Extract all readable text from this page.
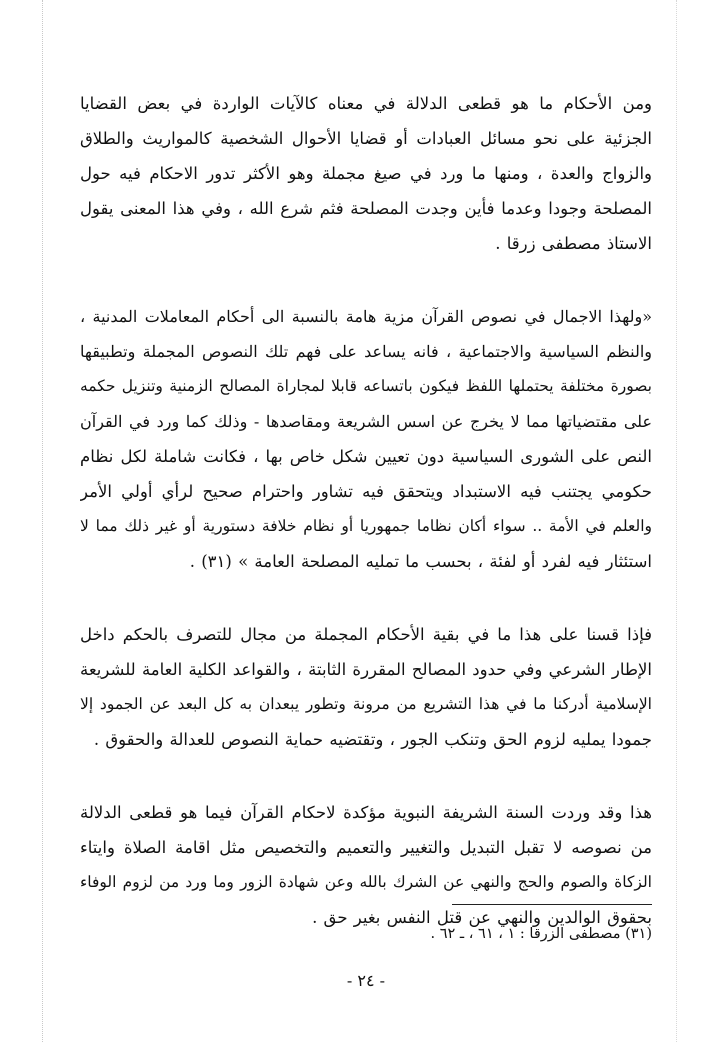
ومن الأحكام ما هو قطعى الدلالة في معناه كالآيات الواردة في بعض القضايا
الجزئية على نحو مسائل العبادات أو قضايا الأحوال الشخصية كالمواريث والطلاق
والزواج والعدة ، ومنها ما ورد في صيغ مجملة وهو الأكثر تدور الاحكام فيه حول
المصلحة وجودا وعدما فأين وجدت المصلحة فثم شرع الله ، وفي هذا المعنى يقول
الاستاذ مصطفى زرقا .

«ولهذا الاجمال في نصوص القرآن مزية هامة بالنسبة الى أحكام المعاملات المدنية ،
والنظم السياسية والاجتماعية ، فانه يساعد على فهم تلك النصوص المجملة وتطبيقها
بصورة مختلفة يحتملها اللفظ فيكون باتساعه قابلا لمجاراة المصالح الزمنية وتنزيل حكمه
على مقتضياتها مما لا يخرج عن اسس الشريعة ومقاصدها - وذلك كما ورد في القرآن
النص على الشورى السياسية دون تعيين شكل خاص بها ، فكانت شاملة لكل نظام
حكومي يجتنب فيه الاستبداد ويتحقق فيه تشاور واحترام صحيح لرأي أولي الأمر
والعلم في الأمة .. سواء أكان نظاما جمهوريا أو نظام خلافة دستورية أو غير ذلك مما لا
استئثار فيه لفرد أو لفئة ، بحسب ما تمليه المصلحة العامة » (٣١) .

فإذا قسنا على هذا ما في بقية الأحكام المجملة من مجال للتصرف بالحكم داخل
الإطار الشرعي وفي حدود المصالح المقررة الثابتة ، والقواعد الكلية العامة للشريعة
الإسلامية أدركنا ما في هذا التشريع من مرونة وتطور يبعدان به كل البعد عن الجمود إلا
جمودا يمليه لزوم الحق وتنكب الجور ، وتقتضيه حماية النصوص للعدالة والحقوق .

هذا وقد وردت السنة الشريفة النبوية مؤكدة لاحكام القرآن فيما هو قطعى الدلالة
من نصوصه لا تقبل التبديل والتغيير والتعميم والتخصيص مثل اقامة الصلاة وايتاء
الزكاة والصوم والحج والنهي عن الشرك بالله وعن شهادة الزور وما ورد من لزوم الوفاء
بحقوق الوالدين والنهي عن قتل النفس بغير حق .

(٣١) مصطفى الزرقا : ١ ، ٦١ ، ـ ٦٢ .
- ٢٤ -
